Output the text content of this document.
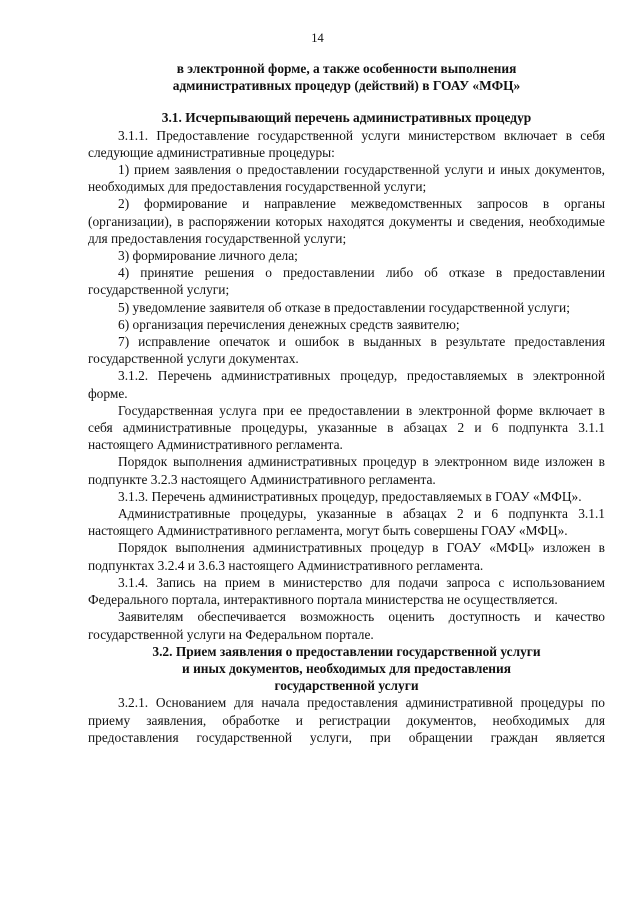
14

в электронной форме, а также особенности выполнения

административных процедур (действий) в ГОАУ «МФЦ»

3.1. Исчерпывающий перечень административных процедур

3.1.1. Предоставление государственной услуги министерством включает в себя следующие административные процедуры:

1) прием заявления о предоставлении государственной услуги и иных документов, необходимых для предоставления государственной услуги;

2) формирование и направление межведомственных запросов в органы (организации), в распоряжении которых находятся документы и сведения, необходимые для предоставления государственной услуги;

3) формирование личного дела;

4) принятие решения о предоставлении либо об отказе в предоставлении государственной услуги;

5) уведомление заявителя об отказе в предоставлении государственной услуги;

6) организация перечисления денежных средств заявителю;

7) исправление опечаток и ошибок в выданных в результате предоставления государственной услуги документах.

3.1.2. Перечень административных процедур, предоставляемых в электронной форме.

Государственная услуга при ее предоставлении в электронной форме включает в себя административные процедуры, указанные в абзацах 2 и 6 подпункта 3.1.1 настоящего Административного регламента.

Порядок выполнения административных процедур в электронном виде изложен в подпункте 3.2.3 настоящего Административного регламента.

3.1.3. Перечень административных процедур, предоставляемых в ГОАУ «МФЦ».

Административные процедуры, указанные в абзацах 2 и 6 подпункта 3.1.1 настоящего Административного регламента, могут быть совершены ГОАУ «МФЦ».

Порядок выполнения административных процедур в ГОАУ «МФЦ» изложен в подпунктах 3.2.4 и 3.6.3 настоящего Административного регламента.

3.1.4. Запись на прием в министерство для подачи запроса с использованием Федерального портала, интерактивного портала министерства не осуществляется.

Заявителям обеспечивается возможность оценить доступность и качество государственной услуги на Федеральном портале.

3.2. Прием заявления о предоставлении государственной услуги

и иных документов, необходимых для предоставления

государственной услуги

3.2.1. Основанием для начала предоставления административной процедуры по приему заявления, обработке и регистрации документов, необходимых для предоставления государственной услуги, при обращении граждан является
